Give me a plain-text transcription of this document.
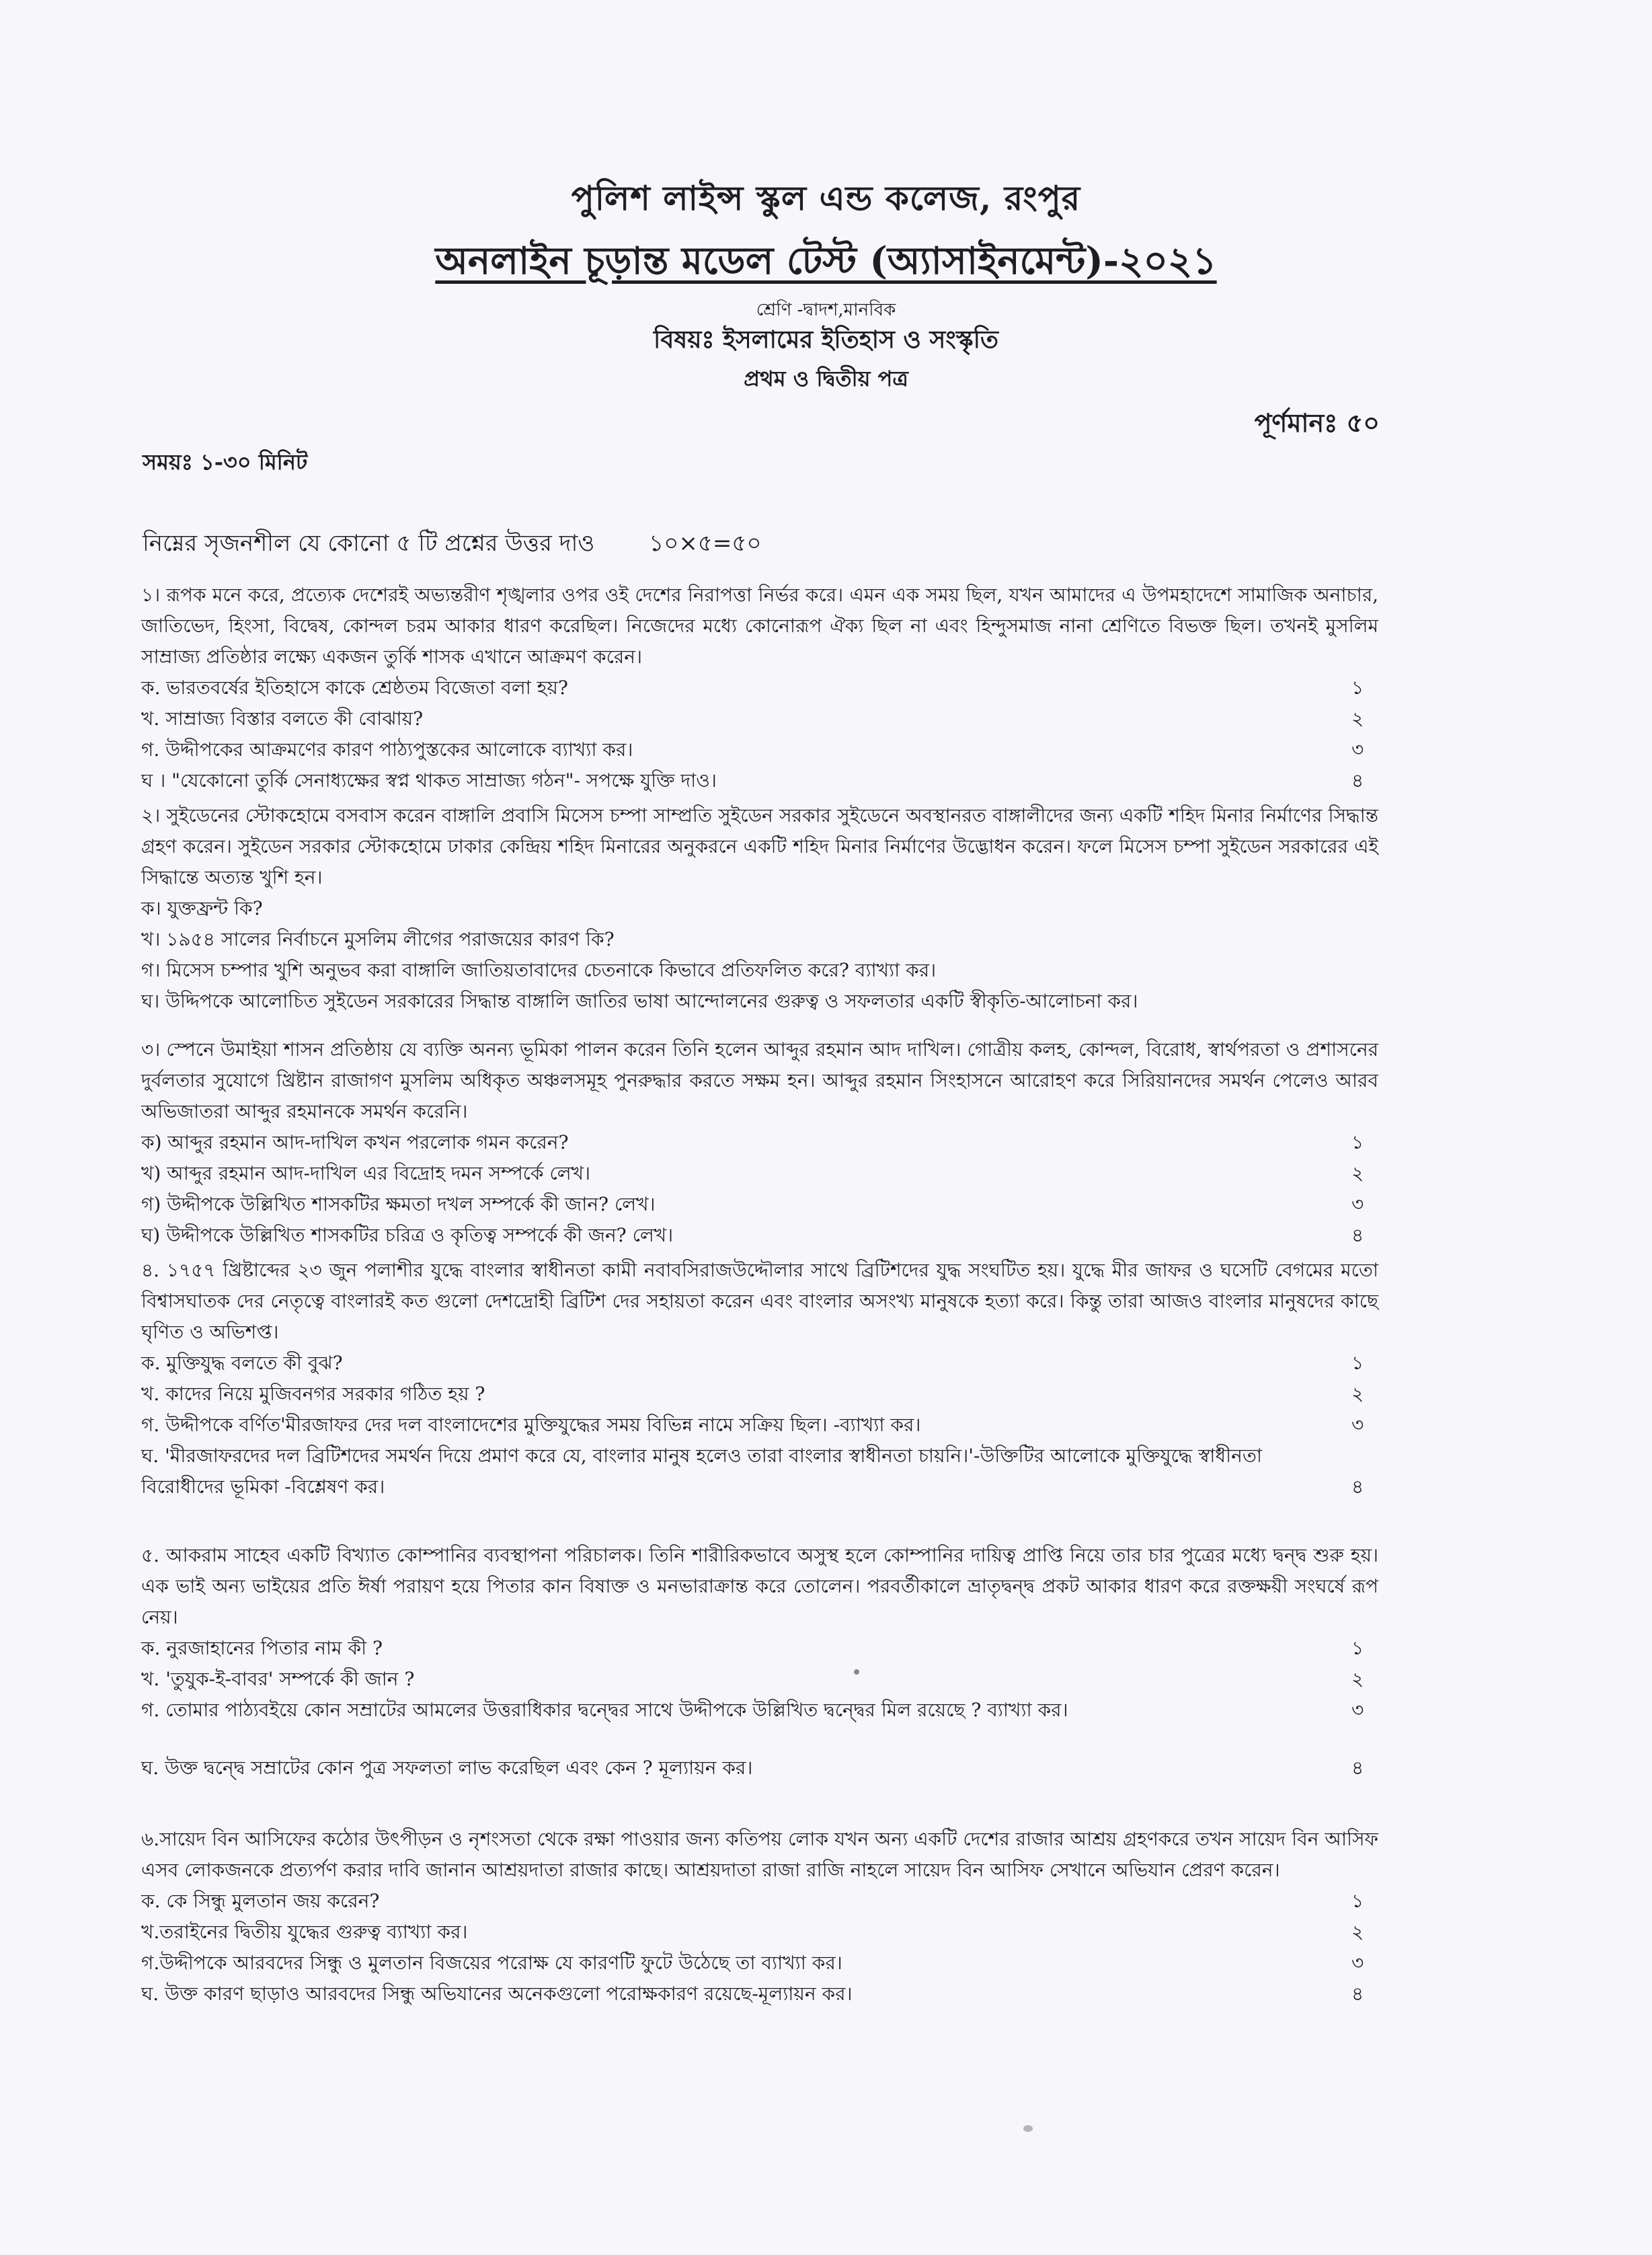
পুলিশ লাইন্স স্কুল এন্ড কলেজ, রংপুর
অনলাইন চূড়ান্ত মডেল টেস্ট (অ্যাসাইনমেন্ট)-২০২১
শ্রেণি -দ্বাদশ,মানবিক
বিষয়ঃ ইসলামের ইতিহাস ও সংস্কৃতি
প্রথম ও দ্বিতীয় পত্র
পূর্ণমানঃ ৫০
সময়ঃ ১-৩০ মিনিট
নিম্নের সৃজনশীল যে কোনো ৫ টি প্রশ্নের উত্তর দাও ১০×৫=৫০

১। রূপক মনে করে, প্রত্যেক দেশেরই অভ্যন্তরীণ শৃঙ্খলার ওপর ওই দেশের নিরাপত্তা নির্ভর করে। এমন এক সময় ছিল, যখন আমাদের এ উপমহাদেশে সামাজিক অনাচার, জাতিভেদ, হিংসা, বিদ্বেষ, কোন্দল চরম আকার ধারণ করেছিল। নিজেদের মধ্যে কোনোরূপ ঐক্য ছিল না এবং হিন্দুসমাজ নানা শ্রেণিতে বিভক্ত ছিল। তখনই মুসলিম সাম্রাজ্য প্রতিষ্ঠার লক্ষ্যে একজন তুর্কি শাসক এখানে আক্রমণ করেন।

ক. ভারতবর্ষের ইতিহাসে কাকে শ্রেষ্ঠতম বিজেতা বলা হয়?	১
খ. সাম্রাজ্য বিস্তার বলতে কী বোঝায়?	২
গ. উদ্দীপকের আক্রমণের কারণ পাঠ্যপুস্তকের আলোকে ব্যাখ্যা কর।	৩
ঘ । "যেকোনো তুর্কি সেনাধ্যক্ষের স্বপ্ন থাকত সাম্রাজ্য গঠন"- সপক্ষে যুক্তি দাও।	৪

২। সুইডেনের স্টোকহোমে বসবাস করেন বাঙ্গালি প্রবাসি মিসেস চম্পা সাম্প্রতি সুইডেন সরকার সুইডেনে অবস্থানরত বাঙ্গালীদের জন্য একটি শহিদ মিনার নির্মাণের সিদ্ধান্ত গ্রহণ করেন। সুইডেন সরকার স্টোকহোমে ঢাকার কেন্দ্রিয় শহিদ মিনারের অনুকরনে একটি শহিদ মিনার নির্মাণের উদ্ভোধন করেন। ফলে মিসেস চম্পা সুইডেন সরকারের এই সিদ্ধান্তে অত্যন্ত খুশি হন।

ক। যুক্তফ্রন্ট কি?
খ। ১৯৫৪ সালের নির্বাচনে মুসলিম লীগের পরাজয়ের কারণ কি?
গ। মিসেস চম্পার খুশি অনুভব করা বাঙ্গালি জাতিয়তাবাদের চেতনাকে কিভাবে প্রতিফলিত করে? ব্যাখ্যা কর।
ঘ। উদ্দিপকে আলোচিত সুইডেন সরকারের সিদ্ধান্ত বাঙ্গালি জাতির ভাষা আন্দোলনের গুরুত্ব ও সফলতার একটি স্বীকৃতি-আলোচনা কর।

৩। স্পেনে উমাইয়া শাসন প্রতিষ্ঠায় যে ব্যক্তি অনন্য ভূমিকা পালন করেন তিনি হলেন আব্দুর রহমান আদ দাখিল। গোত্রীয় কলহ, কোন্দল, বিরোধ, স্বার্থপরতা ও প্রশাসনের দুর্বলতার সুযোগে খ্রিষ্টান রাজাগণ মুসলিম অধিকৃত অঞ্চলসমূহ পুনরুদ্ধার করতে সক্ষম হন। আব্দুর রহমান সিংহাসনে আরোহণ করে সিরিয়ানদের সমর্থন পেলেও আরব অভিজাতরা আব্দুর রহমানকে সমর্থন করেনি।

ক) আব্দুর রহমান আদ-দাখিল কখন পরলোক গমন করেন?	১
খ) আব্দুর রহমান আদ-দাখিল এর বিদ্রোহ দমন সম্পর্কে লেখ।	২
গ) উদ্দীপকে উল্লিখিত শাসকটির ক্ষমতা দখল সম্পর্কে কী জান? লেখ।	৩
ঘ) উদ্দীপকে উল্লিখিত শাসকটির চরিত্র ও কৃতিত্ব সম্পর্কে কী জন? লেখ।	৪

৪. ১৭৫৭ খ্রিষ্টাব্দের ২৩ জুন পলাশীর যুদ্ধে বাংলার স্বাধীনতা কামী নবাবসিরাজউদ্দৌলার সাথে ব্রিটিশদের যুদ্ধ সংঘটিত হয়। যুদ্ধে মীর জাফর ও ঘসেটি বেগমের মতো বিশ্বাসঘাতক দের নেতৃত্বে বাংলারই কত গুলো দেশদ্রোহী ব্রিটিশ দের সহায়তা করেন এবং বাংলার অসংখ্য মানুষকে হত্যা করে। কিন্তু তারা আজও বাংলার মানুষদের কাছে ঘৃণিত ও অভিশপ্ত।

ক. মুক্তিযুদ্ধ বলতে কী বুঝ?	১
খ. কাদের নিয়ে মুজিবনগর সরকার গঠিত হয় ?	২
গ. উদ্দীপকে বর্ণিত'মীরজাফর দের দল বাংলাদেশের মুক্তিযুদ্ধের সময় বিভিন্ন নামে সক্রিয় ছিল। -ব্যাখ্যা কর।	৩
ঘ. 'মীরজাফরদের দল ব্রিটিশদের সমর্থন দিয়ে প্রমাণ করে যে, বাংলার মানুষ হলেও তারা বাংলার স্বাধীনতা চায়নি।'-উক্তিটির আলোকে মুক্তিযুদ্ধে স্বাধীনতা বিরোধীদের ভূমিকা -বিশ্লেষণ কর।	৪

৫. আকরাম সাহেব একটি বিখ্যাত কোম্পানির ব্যবস্থাপনা পরিচালক। তিনি শারীরিকভাবে অসুস্থ হলে কোম্পানির দায়িত্ব প্রাপ্তি নিয়ে তার চার পুত্রের মধ্যে দ্বন্দ্ব শুরু হয়। এক ভাই অন্য ভাইয়ের প্রতি ঈর্ষা পরায়ণ হয়ে পিতার কান বিষাক্ত ও মনভারাক্রান্ত করে তোলেন। পরবর্তীকালে ভ্রাতৃদ্বন্দ্ব প্রকট আকার ধারণ করে রক্তক্ষয়ী সংঘর্ষে রূপ নেয়।

ক. নুরজাহানের পিতার নাম কী ?	১
খ. 'তুযুক-ই-বাবর' সম্পর্কে কী জান ?	২
গ. তোমার পাঠ্যবইয়ে কোন সম্রাটের আমলের উত্তরাধিকার দ্বন্দ্বের সাথে উদ্দীপকে উল্লিখিত দ্বন্দ্বের মিল রয়েছে ? ব্যাখ্যা কর।	৩
ঘ. উক্ত দ্বন্দ্বে সম্রাটের কোন পুত্র সফলতা লাভ করেছিল এবং কেন ? মূল্যায়ন কর।	৪

৬.সায়েদ বিন আসিফের কঠোর উৎপীড়ন ও নৃশংসতা থেকে রক্ষা পাওয়ার জন্য কতিপয় লোক যখন অন্য একটি দেশের রাজার আশ্রয় গ্রহণকরে তখন সায়েদ বিন আসিফ এসব লোকজনকে প্রত্যর্পণ করার দাবি জানান আশ্রয়দাতা রাজার কাছে। আশ্রয়দাতা রাজা রাজি নাহলে সায়েদ বিন আসিফ সেখানে অভিযান প্রেরণ করেন।

ক. কে সিন্ধু মুলতান জয় করেন?	১
খ.তরাইনের দ্বিতীয় যুদ্ধের গুরুত্ব ব্যাখ্যা কর।	২
গ.উদ্দীপকে আরবদের সিন্ধু ও মুলতান বিজয়ের পরোক্ষ যে কারণটি ফুটে উঠেছে তা ব্যাখ্যা কর।	৩
ঘ. উক্ত কারণ ছাড়াও আরবদের সিন্ধু অভিযানের অনেকগুলো পরোক্ষকারণ রয়েছে-মূল্যায়ন কর।	৪
